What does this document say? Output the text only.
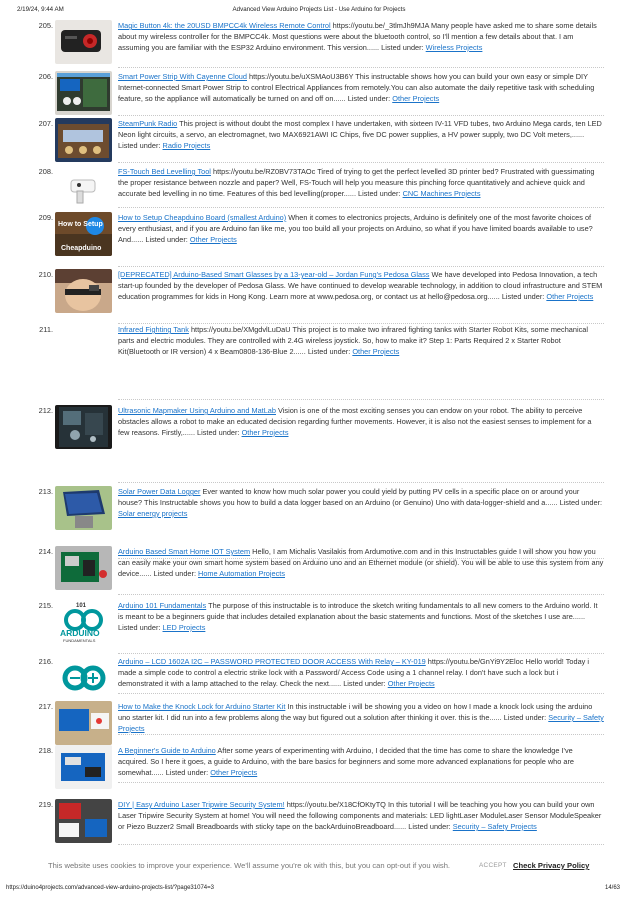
2/19/24, 9:44 AM	Advanced View Arduino Projects List - Use Arduino for Projects
205.	Magic Button 4k: the 20USD BMPCC4k Wireless Remote Control https://youtu.be/_3tlmJh9MJA Many people have asked me to share some details about my wireless controller for the BMPCC4k. Most questions were about the bluetooth control, so I'll mention a few details about that. I am assuming you are familiar with the ESP32 Arduino environment. This version...... Listed under: Wireless Projects
206.	Smart Power Strip With Cayenne Cloud https://youtu.be/uXSMAoU3B6Y This instructable shows how you can build your own easy or simple DIY Internet-connected Smart Power Strip to control Electrical Appliances from remotely.You can also automate the daily repetitive task with scheduling feature, so the appliance will automatically be turned on and off on...... Listed under: Other Projects
207.	SteamPunk Radio This project is without doubt the most complex I have undertaken, with sixteen IV-11 VFD tubes, two Arduino Mega cards, ten LED Neon light circuits, a servo, an electromagnet, two MAX6921AWI IC Chips, five DC power supplies, a HV power supply, two DC Volt meters,...... Listed under: Radio Projects
208.	FS-Touch Bed Levelling Tool https://youtu.be/RZ0BV73TAOc Tired of trying to get the perfect levelled 3D printer bed? Frustrated with guessimating the proper resistance between nozzle and paper? Well, FS-Touch will help you measure this pinching force quantitatively and achieve quick and accurate bed levelling in no time. Features of this bed levelling(proper...... Listed under: CNC Machines Projects
209.
How to Setup
Cheapduino
How to Setup Cheapduino Board (smallest Arduino) When it comes to electronics projects, Arduino is definitely one of the most favorite choices of every enthusiast, and if you are Arduino fan like me, you too build all your projects on Arduino, so what if you have limited boards available to use? And...... Listed under: Other Projects
210.	[DEPRECATED] Arduino-Based Smart Glasses by a 13-year-old – Jordan Fung's Pedosa Glass We have developed into Pedosa Innovation, a tech start-up founded by the developer of Pedosa Glass. We have continued to develop wearable technology, in addition to cloud infrastructure and STEM education programmes for kids in Hong Kong. Learn more at www.pedosa.org, or contact us at hello@pedosa.org...... Listed under: Other Projects
211.	Infrared Fighting Tank https://youtu.be/XMgdvlLuDaU This project is to make two infrared fighting tanks with Starter Robot Kits, some mechanical parts and electric modules. They are controlled with 2.4G wireless joystick. So, how to make it? Step 1: Parts Required 2 x Starter Robot Kit(Bluetooth or IR version) 4 x Beam0808-136-Blue 2...... Listed under: Other Projects
212.	Ultrasonic Mapmaker Using Arduino and MatLab Vision is one of the most exciting senses you can endow on your robot. The ability to perceive obstacles allows a robot to make an educated decision regarding further movements. However, it is also not the easiest senses to implement for a few reasons. Firstly,...... Listed under: Other Projects
213.	Solar Power Data Logger Ever wanted to know how much solar power you could yield by putting PV cells in a specific place on or around your house? This Instructable shows you how to build a data logger based on an Arduino (or Genuino) Uno with data-logger-shield and a...... Listed under: Solar energy projects
214.	Arduino Based Smart Home IOT System Hello, I am Michalis Vasilakis from Ardumotive.com and in this Instructables guide I will show you how you can easily make your own smart home system based on Arduino uno and an Ethernet module (or shield). You will be able to use this system from any device...... Listed under: Home Automation Projects
215.	101
ARDUINO
FUNDAMENTALS
Arduino 101 Fundamentals The purpose of this instructable is to introduce the sketch writing fundamentals to all new comers to the Arduino world. It is meant to be a beginners guide that includes detailed explanation about the basic statements and functions. Most of the sketches I use are...... Listed under: LED Projects
216.	Arduino – LCD 1602A I2C – PASSWORD PROTECTED DOOR ACCESS With Relay – KY-019 https://youtu.be/GnYi9Y2Eloc Hello world! Today i made a simple code to control a electric strike lock with a Password/ Access Code using a 1 channel relay. I don't have such a lock but i demonstrated it with a lamp attached to the relay. Check the next...... Listed under: Other Projects
217.	How to Make the Knock Lock for Arduino Starter Kit In this instructable i will be showing you a video on how I made a knock lock using the arduino uno starter kit. I did run into a few problems along the way but figured out a solution after thinking it over. this is the...... Listed under: Security – Safety Projects
218.	A Beginner's Guide to Arduino After some years of experimenting with Arduino, I decided that the time has come to share the knowledge I've acquired. So I here it goes, a guide to Arduino, with the bare basics for beginners and some more advanced explanations for people who are somewhat...... Listed under: Other Projects
219.	DIY | Easy Arduino Laser Tripwire Security System! https://youtu.be/X18CfOKtyTQ In this tutorial I will be teaching you how you can build your own Laser Tripwire Security System at home! You will need the following components and materials: LED lightLaser ModuleLaser Sensor ModuleSpeaker or Piezo Buzzer2 Small Breadboards with sticky tape on the backArduinoBreadboard...... Listed under: Security – Safety Projects
This website uses cookies to improve your experience. We'll assume you're ok with this, but you can opt-out if you wish.	ACCEPT Check Privacy Policy
https://duino4projects.com/advanced-view-arduino-projects-list/?page31074=3	14/63
